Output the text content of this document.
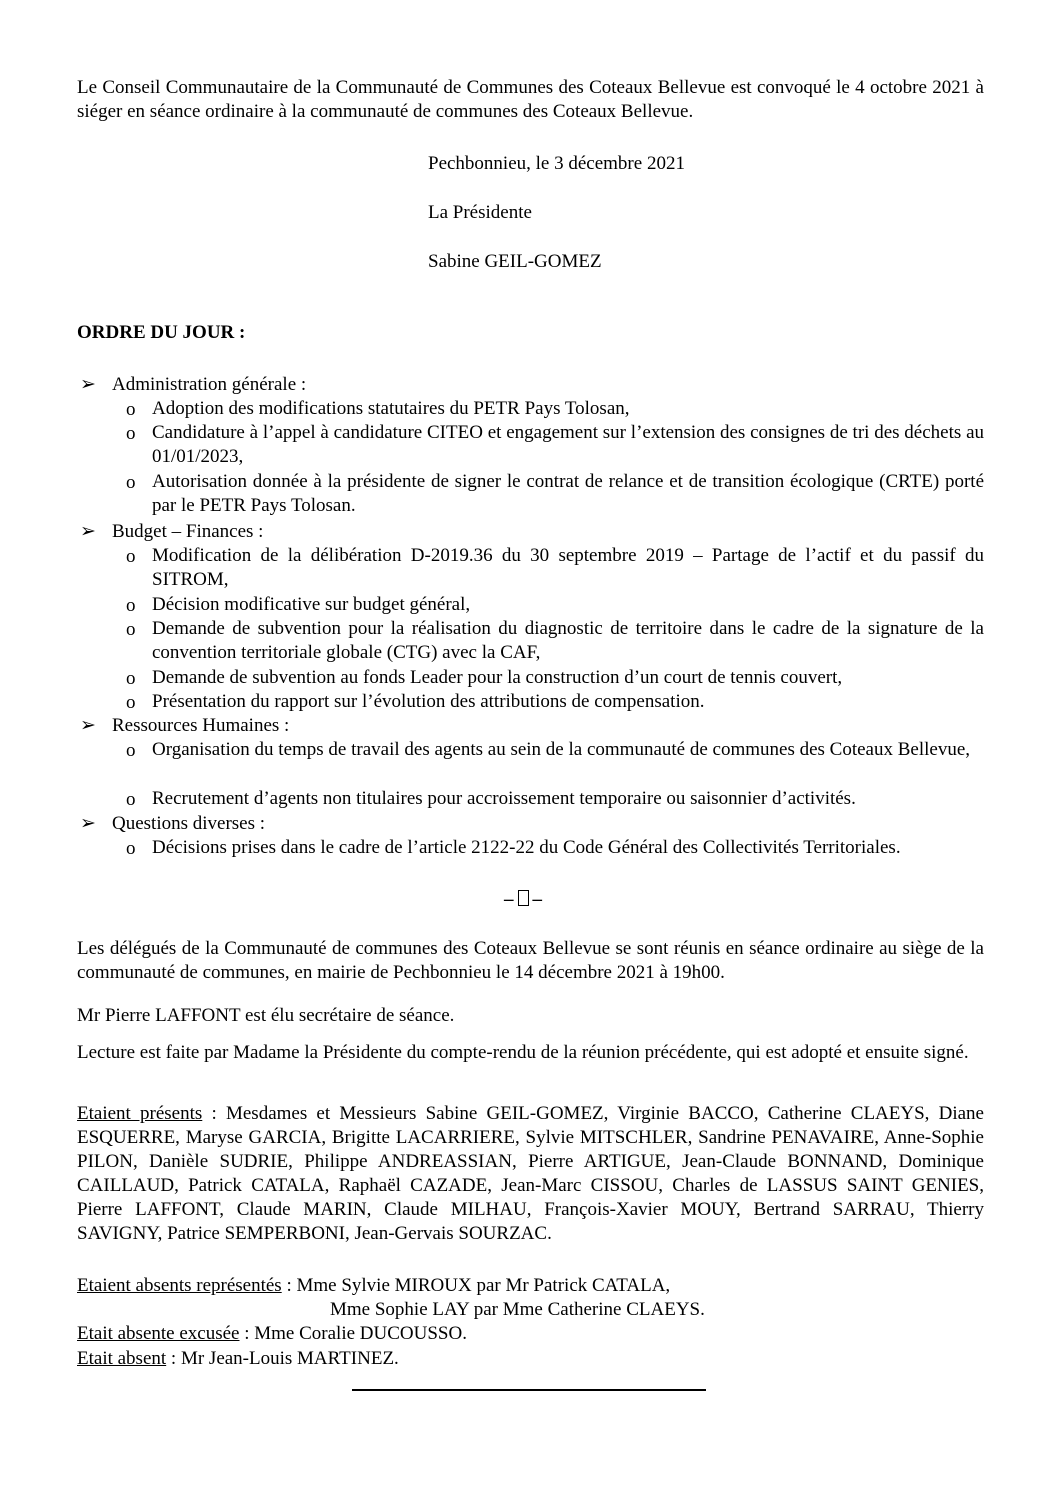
Le Conseil Communautaire de la Communauté de Communes des Coteaux Bellevue est convoqué le 4 octobre 2021 à siéger en séance ordinaire à la communauté de communes des Coteaux Bellevue.
Pechbonnieu, le 3 décembre 2021
La Présidente
Sabine GEIL-GOMEZ
ORDRE DU JOUR :
➢ Administration générale :
o Adoption des modifications statutaires du PETR Pays Tolosan,
o Candidature à l’appel à candidature CITEO et engagement sur l’extension des consignes de tri des déchets au 01/01/2023,
o Autorisation donnée à la présidente de signer le contrat de relance et de transition écologique (CRTE) porté par le PETR Pays Tolosan.
➢ Budget – Finances :
o Modification de la délibération D-2019.36 du 30 septembre 2019 – Partage de l’actif et du passif du SITROM,
o Décision modificative sur budget général,
o Demande de subvention pour la réalisation du diagnostic de territoire dans le cadre de la signature de la convention territoriale globale (CTG) avec la CAF,
o Demande de subvention au fonds Leader pour la construction d’un court de tennis couvert,
o Présentation du rapport sur l’évolution des attributions de compensation.
➢ Ressources Humaines :
o Organisation du temps de travail des agents au sein de la communauté de communes des Coteaux Bellevue,
o Recrutement d’agents non titulaires pour accroissement temporaire ou saisonnier d’activités.
➢ Questions diverses :
o Décisions prises dans le cadre de l’article 2122-22 du Code Général des Collectivités Territoriales.
– –
Les délégués de la Communauté de communes des Coteaux Bellevue se sont réunis en séance ordinaire au siège de la communauté de communes, en mairie de Pechbonnieu le 14 décembre 2021 à 19h00.
Mr Pierre LAFFONT est élu secrétaire de séance.
Lecture est faite par Madame la Présidente du compte-rendu de la réunion précédente, qui est adopté et ensuite signé.
Etaient présents : Mesdames et Messieurs Sabine GEIL-GOMEZ, Virginie BACCO, Catherine CLAEYS, Diane ESQUERRE, Maryse GARCIA, Brigitte LACARRIERE, Sylvie MITSCHLER, Sandrine PENAVAIRE, Anne-Sophie PILON, Danièle SUDRIE, Philippe ANDREASSIAN, Pierre ARTIGUE, Jean-Claude BONNAND, Dominique CAILLAUD, Patrick CATALA, Raphaël CAZADE, Jean-Marc CISSOU, Charles de LASSUS SAINT GENIES, Pierre LAFFONT, Claude MARIN, Claude MILHAU, François-Xavier MOUY, Bertrand SARRAU, Thierry SAVIGNY, Patrice SEMPERBONI, Jean-Gervais SOURZAC.
Etaient absents représentés : Mme Sylvie MIROUX par Mr Patrick CATALA,
Mme Sophie LAY par Mme Catherine CLAEYS.
Etait absente excusée : Mme Coralie DUCOUSSO.
Etait absent : Mr Jean-Louis MARTINEZ.
